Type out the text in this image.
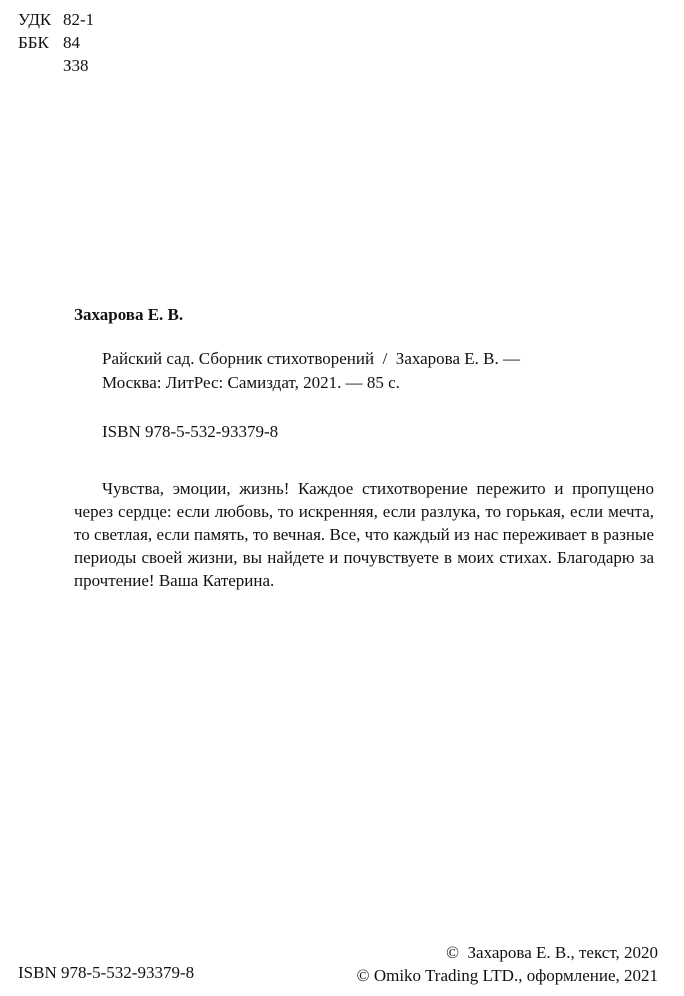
УДК 82-1
ББК 84
З38
Захарова Е. В.
Райский сад. Сборник стихотворений  /  Захарова Е. В. —
Москва: ЛитРес: Самиздат, 2021. — 85 с.
ISBN 978-5-532-93379-8
Чувства, эмоции, жизнь! Каждое стихотворение пережито и пропущено через сердце: если любовь, то искренняя, если разлука, то горькая, если мечта, то светлая, если память, то вечная. Все, что каждый из нас переживает в разные периоды своей жизни, вы найдете и почувствуете в моих стихах. Благодарю за прочтение! Ваша Катерина.
ISBN 978-5-532-93379-8
©  Захарова Е. В., текст, 2020
© Omiko Trading LTD., оформление, 2021
